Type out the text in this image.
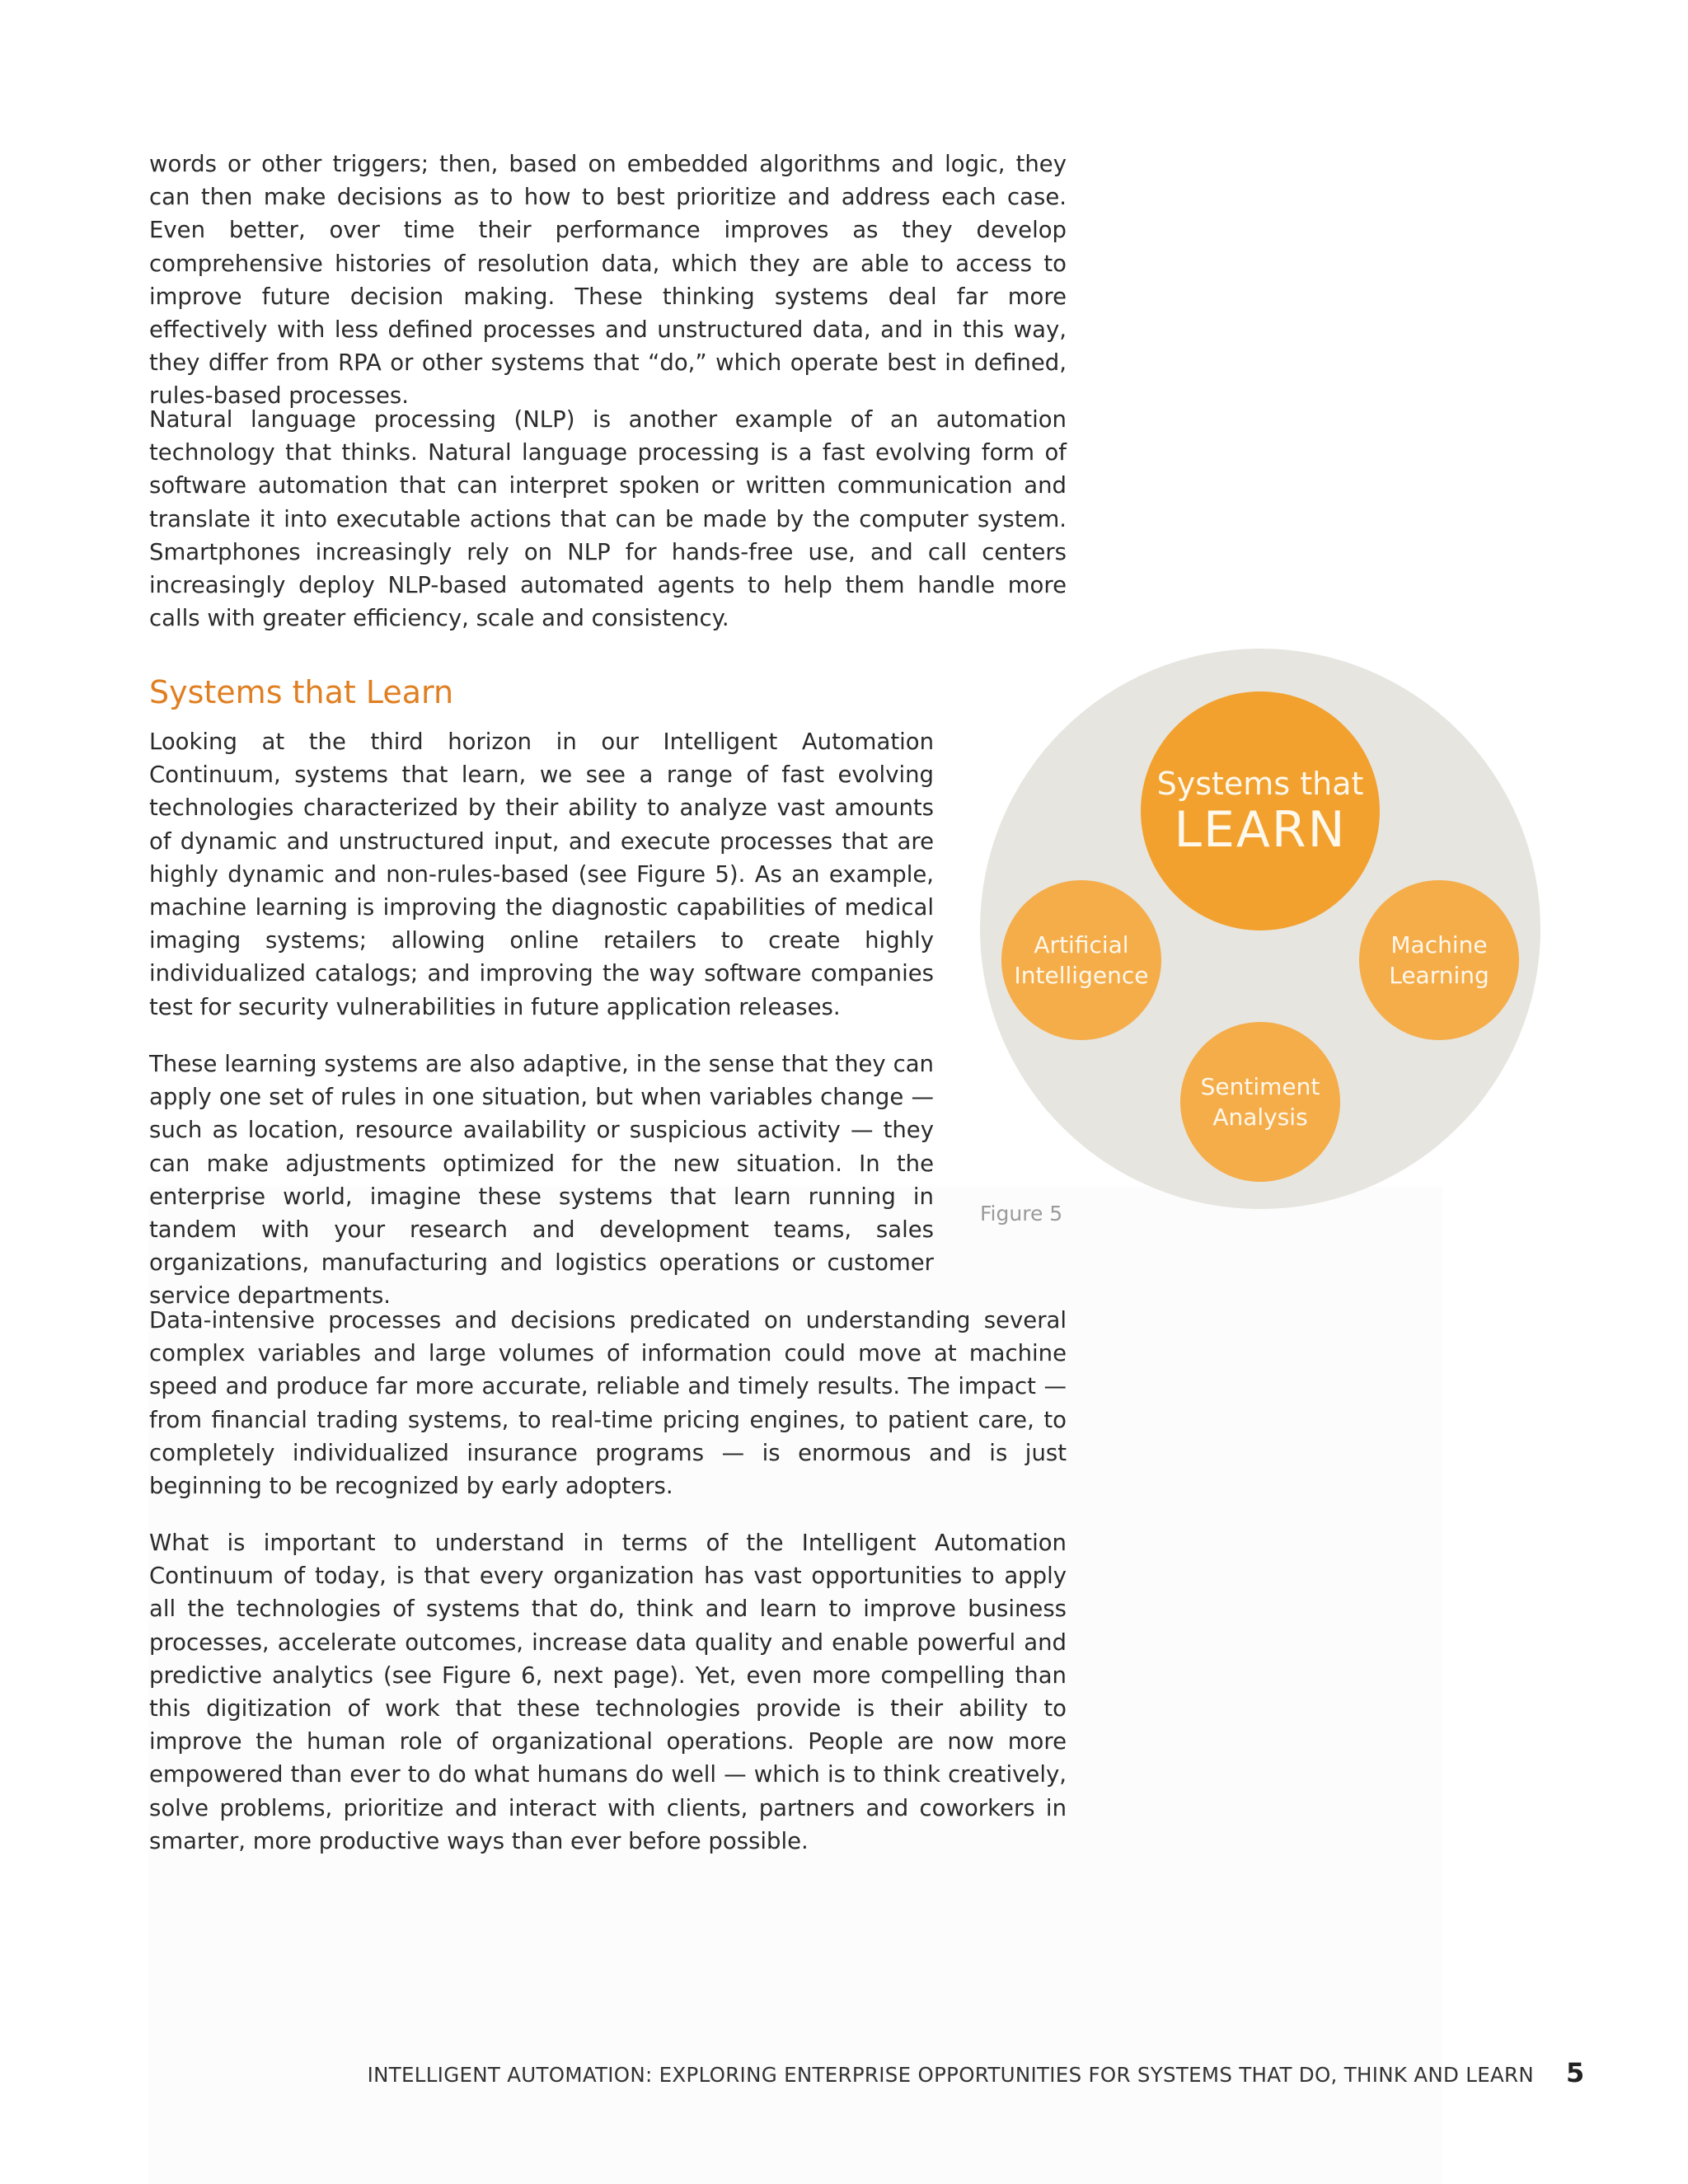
words or other triggers; then, based on embedded algorithms and logic, they can then make decisions as to how to best prioritize and address each case. Even better, over time their performance improves as they develop comprehensive histories of resolution data, which they are able to access to improve future decision making. These thinking systems deal far more effectively with less defined processes and unstructured data, and in this way, they differ from RPA or other systems that “do,” which operate best in defined, rules-based processes.

Natural language processing (NLP) is another example of an automation technology that thinks. Natural language processing is a fast evolving form of software automation that can interpret spoken or written communication and translate it into executable actions that can be made by the computer system. Smartphones increasingly rely on NLP for hands-free use, and call centers increasingly deploy NLP-based automated agents to help them handle more calls with greater efficiency, scale and consistency.

Systems that Learn

Looking at the third horizon in our Intelligent Automation Continuum, systems that learn, we see a range of fast evolving technologies characterized by their ability to analyze vast amounts of dynamic and unstructured input, and execute processes that are highly dynamic and non-rules-based (see Figure 5). As an example, machine learning is improving the diagnostic capabilities of medical imaging systems; allowing online retailers to create highly individualized catalogs; and improving the way software companies test for security vulnerabilities in future application releases.

These learning systems are also adaptive, in the sense that they can apply one set of rules in one situation, but when variables change — such as location, resource availability or suspicious activity — they can make adjustments optimized for the new situation. In the enterprise world, imagine these systems that learn running in tandem with your research and development teams, sales organizations, manufacturing and logistics operations or customer service departments.

Systems that
LEARN
Artificial
Intelligence
Machine
Learning
Sentiment
Analysis
Figure 5

Data-intensive processes and decisions predicated on understanding several complex variables and large volumes of information could move at machine speed and produce far more accurate, reliable and timely results. The impact — from financial trading systems, to real-time pricing engines, to patient care, to completely individualized insurance programs — is enormous and is just beginning to be recognized by early adopters.

What is important to understand in terms of the Intelligent Automation Continuum of today, is that every organization has vast opportunities to apply all the technologies of systems that do, think and learn to improve business processes, accelerate outcomes, increase data quality and enable powerful and predictive analytics (see Figure 6, next page). Yet, even more compelling than this digitization of work that these technologies provide is their ability to improve the human role of organizational operations. People are now more empowered than ever to do what humans do well — which is to think creatively, solve problems, prioritize and interact with clients, partners and coworkers in smarter, more productive ways than ever before possible.

INTELLIGENT AUTOMATION: EXPLORING ENTERPRISE OPPORTUNITIES FOR SYSTEMS THAT DO, THINK AND LEARN 5
